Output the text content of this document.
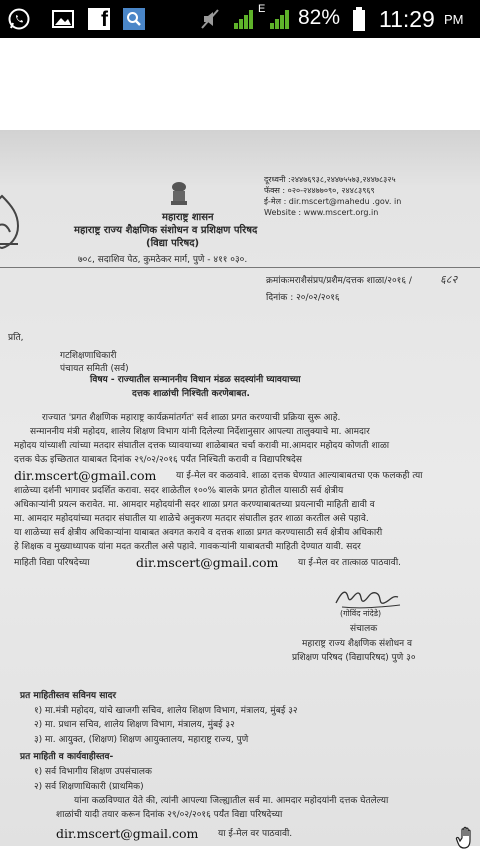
f	E 82% 11:29 PM
दूरध्वनी :२४४७६९३८,२४४७५५७३,२४४७८३२५
फॅक्स : ०२०-२४४७७०९०, २४४८३९६९
ई-मेल : dir.mscert@mahedu .gov. in
Website : www.mscert.org.in
महाराष्ट्र शासन
महाराष्ट्र राज्य शैक्षणिक संशोधन व प्रशिक्षण परिषद
(विद्या परिषद)
७०८, सदाशिव पेठ, कुमठेकर मार्ग, पुणे - ४११ ०३०.
क्रमांकःमराशैसंप्रप/प्रशैम/दत्तक शाळा/२०१६ /	६८२
दिनांक : २०/०२/२०१६
प्रति,
गटशिक्षणाधिकारी
पंचायत समिती (सर्व)
विषय - राज्यातील सन्माननीय विधान मंडळ सदस्यांनी घ्यावयाच्या
दत्तक शाळांची निश्चिती करणेबाबत.
राज्यात 'प्रगत शैक्षणिक महाराष्ट्र कार्यक्रमांतर्गत' सर्व शाळा प्रगत करण्याची प्रक्रिया सुरू आहे.
सन्माननीय मंत्री महोदय, शालेय शिक्षण विभाग यांनी दिलेल्या निर्देशानुसार आपल्या तालुक्याचे मा. आमदार
महोदय यांच्याशी त्यांच्या मतदार संघातील दत्तक घ्यावयाच्या शाळेबाबत चर्चा करावी मा.आमदार महोदय कोणती शाळा
दत्तक घेऊ इच्छितात याबाबत दिनांक २९/०२/२०१६ पर्यंत निश्चिती करावी व विद्यापरिषदेस
dir.mscert@gmail.com या ई-मेल वर कळवावे. शाळा दत्तक घेण्यात आल्याबाबतचा एक फलकही त्या
शाळेच्या दर्शनी भागावर प्रदर्शित करावा. सदर शाळेतील १००% बालके प्रगत होतील यासाठी सर्व क्षेत्रीय
अधिकाऱ्यांनी प्रयत्न करावेत. मा. आमदार महोदयांनी सदर शाळा प्रगत करण्याबाबतच्या प्रयत्नाची माहिती द्यावी व
मा. आमदार महोदयांच्या मतदार संघातील या शाळेचे अनुकरण मतदार संघातील इतर शाळा करतील असे पहावे.
या शाळेच्या सर्व क्षेत्रीय अधिकाऱ्यांना याबाबत अवगत करावे व दत्तक शाळा प्रगत करण्यासाठी सर्व क्षेत्रीय अधिकारी
हे शिक्षक व मुख्याध्यापक यांना मदत करतील असे पहावे. गावकऱ्यांनी याबाबतची माहिती देण्यात यावी. सदर
माहिती विद्या परिषदेच्या	dir.mscert@gmail.com या ई-मेल वर तात्काळ पाठवावी.
(गोविंद नांदेडे)
संचालक
महाराष्ट्र राज्य शैक्षणिक संशोधन व
प्रशिक्षण परिषद (विद्यापरिषद) पुणे ३०
प्रत माहितीस्तव सविनय सादर
१) मा.मंत्री महोदय, यांचे खाजगी सचिव, शालेय शिक्षण विभाग, मंत्रालय, मुंबई ३२
२) मा. प्रधान सचिव, शालेय शिक्षण विभाग, मंत्रालय, मुंबई ३२
३) मा. आयुक्त, (शिक्षण) शिक्षण आयुक्तालय, महाराष्ट्र राज्य, पुणे
प्रत माहिती व कार्यवाहीस्तव-
१) सर्व विभागीय शिक्षण उपसंचालक
२) सर्व शिक्षणाधिकारी (प्राथमिक)
यांना कळविण्यात येते की, त्यांनी आपल्या जिल्ह्यातील सर्व मा. आमदार महोदयांनी दत्तक घेतलेल्या
शाळांची यादी तयार करून दिनांक २९/०२/२०१६ पर्यंत विद्या परिषदेच्या
dir.mscert@gmail.com या ई-मेल वर पाठवावी.
